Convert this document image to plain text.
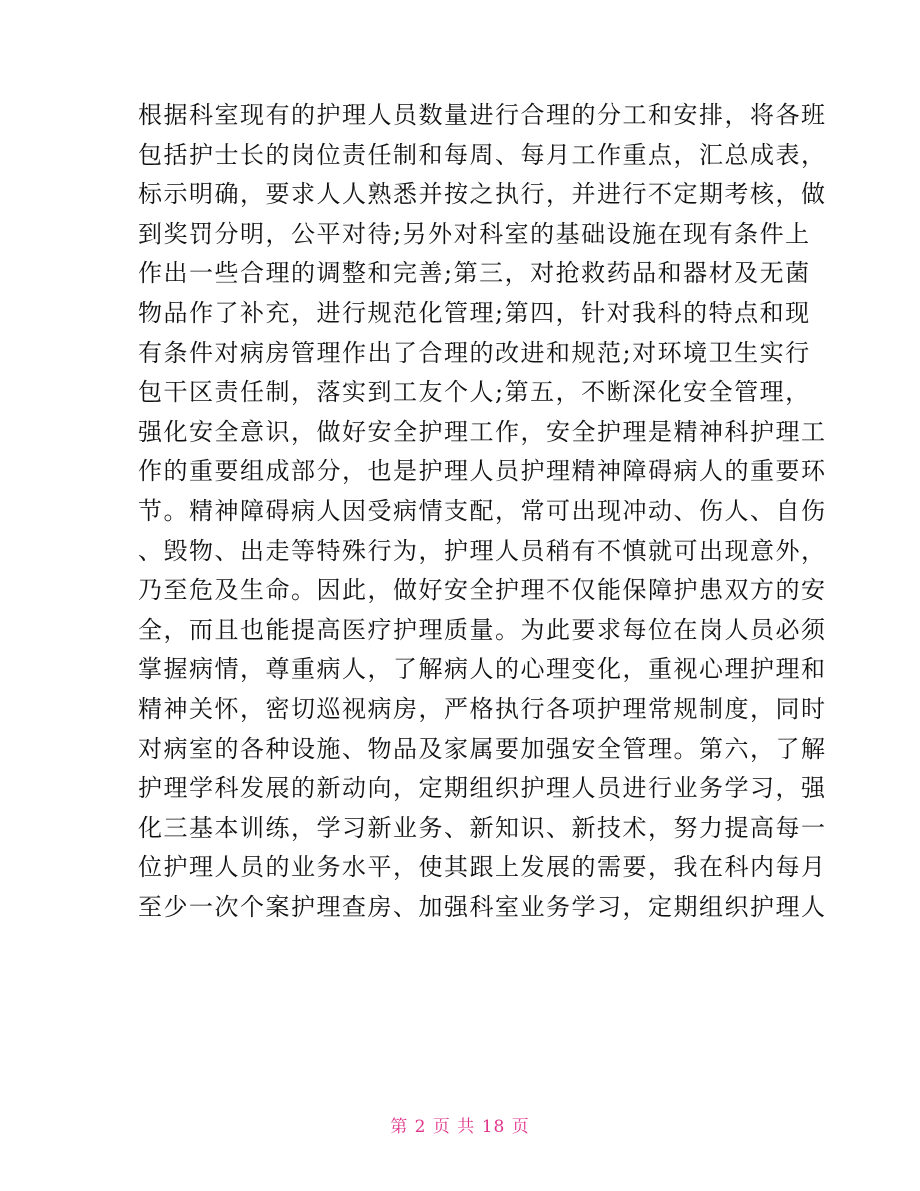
根据科室现有的护理人员数量进行合理的分工和安排，将各班
包括护士长的岗位责任制和每周、每月工作重点，汇总成表，
标示明确，要求人人熟悉并按之执行，并进行不定期考核，做
到奖罚分明，公平对待;另外对科室的基础设施在现有条件上
作出一些合理的调整和完善;第三，对抢救药品和器材及无菌
物品作了补充，进行规范化管理;第四，针对我科的特点和现
有条件对病房管理作出了合理的改进和规范;对环境卫生实行
包干区责任制，落实到工友个人;第五，不断深化安全管理，
强化安全意识，做好安全护理工作，安全护理是精神科护理工
作的重要组成部分，也是护理人员护理精神障碍病人的重要环
节。精神障碍病人因受病情支配，常可出现冲动、伤人、自伤
、毁物、出走等特殊行为，护理人员稍有不慎就可出现意外，
乃至危及生命。因此，做好安全护理不仅能保障护患双方的安
全，而且也能提高医疗护理质量。为此要求每位在岗人员必须
掌握病情，尊重病人，了解病人的心理变化，重视心理护理和
精神关怀，密切巡视病房，严格执行各项护理常规制度，同时
对病室的各种设施、物品及家属要加强安全管理。第六，了解
护理学科发展的新动向，定期组织护理人员进行业务学习，强
化三基本训练，学习新业务、新知识、新技术，努力提高每一
位护理人员的业务水平，使其跟上发展的需要，我在科内每月
至少一次个案护理查房、加强科室业务学习，定期组织护理人
第 2 页 共 18 页
